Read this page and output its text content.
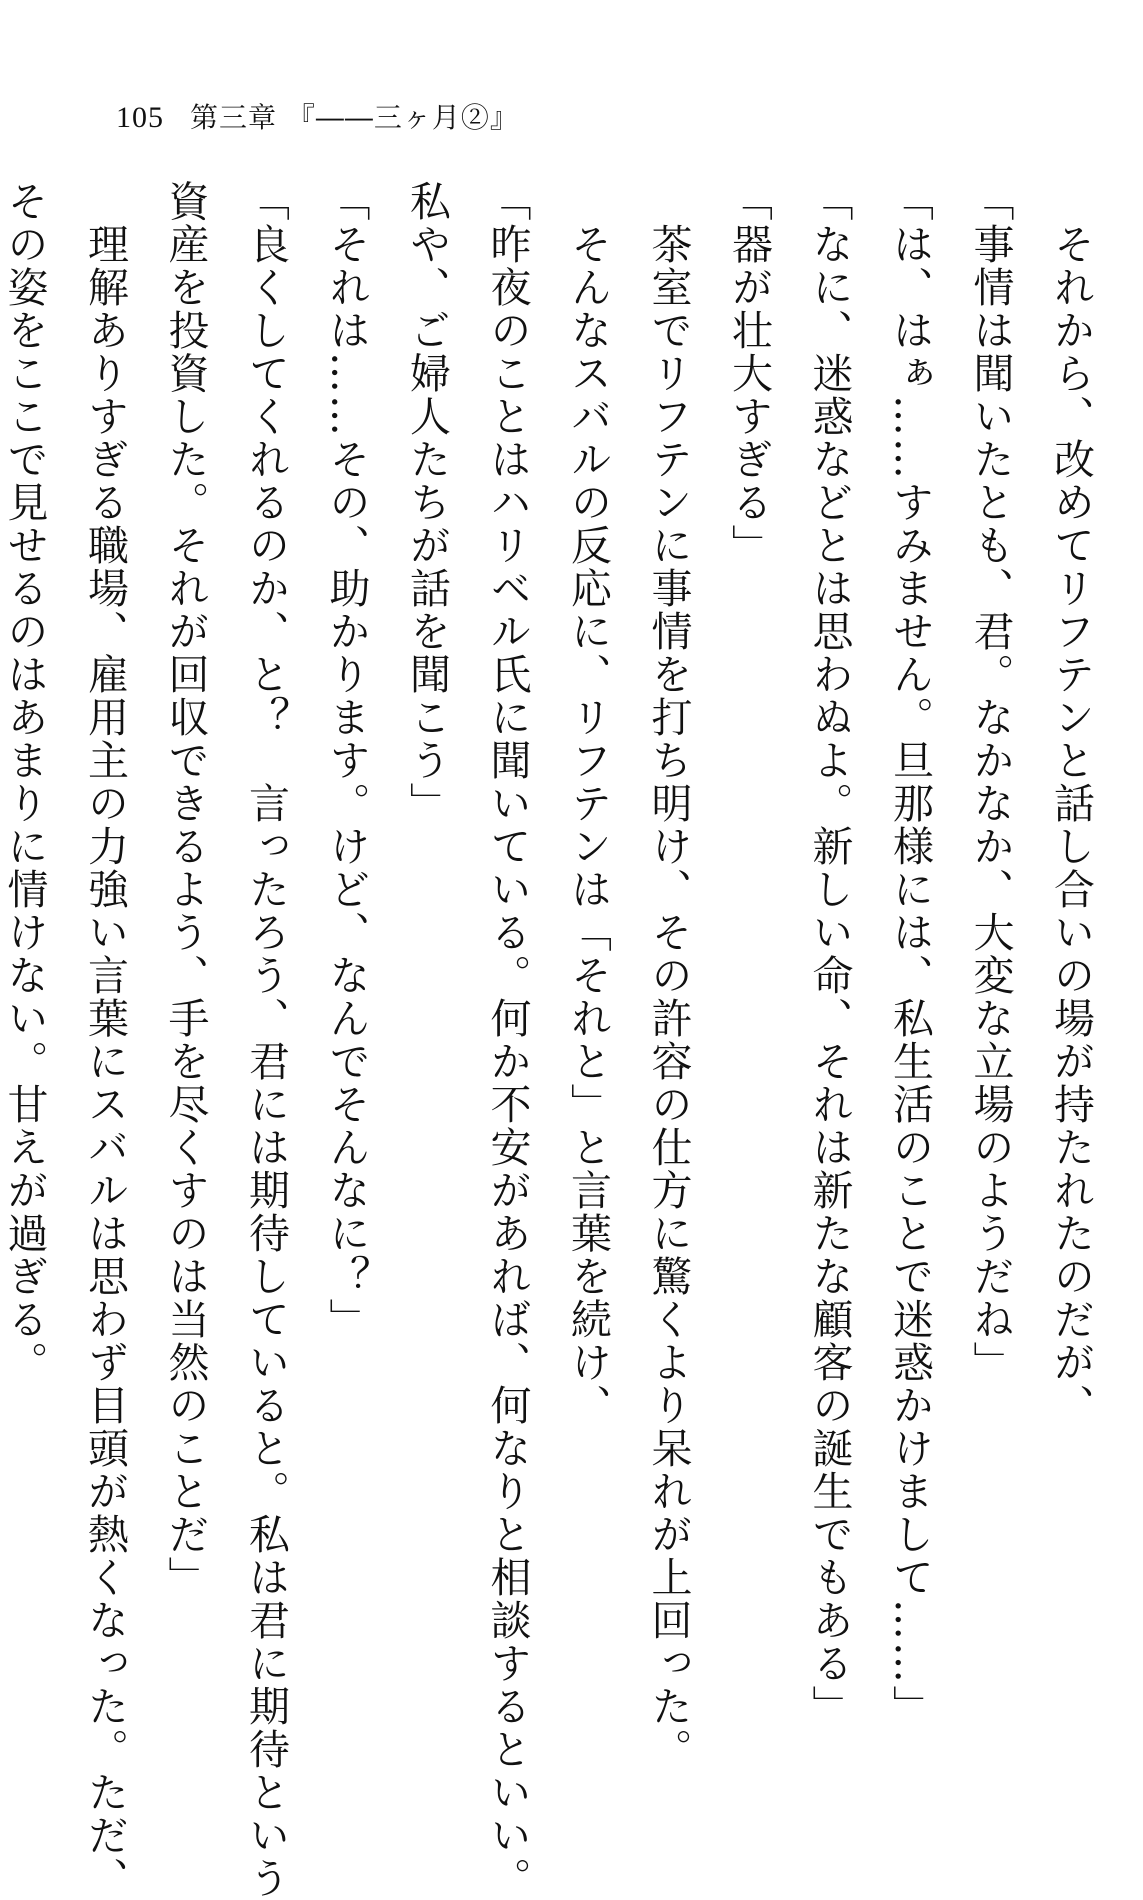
105 第三章 『――三ヶ月②』
それから、改めてリフテンと話し合いの場が持たれたのだが、
「事情は聞いたとも、君。なかなか、大変な立場のようだね」
「は、はぁ……すみません。旦那様には、私生活のことで迷惑かけまして……」
「なに、迷惑などとは思わぬよ。新しい命、それは新たな顧客の誕生でもある」
「器が壮大すぎる」
茶室でリフテンに事情を打ち明け、その許容の仕方に驚くより呆れが上回った。
そんなスバルの反応に、リフテンは「それと」と言葉を続け、
「昨夜のことはハリベル氏に聞いている。何か不安があれば、何なりと相談するといい。
私や、ご婦人たちが話を聞こう」
「それは……その、助かります。けど、なんでそんなに？」
「良くしてくれるのか、と？　言ったろう、君には期待していると。私は君に期待という
資産を投資した。それが回収できるよう、手を尽くすのは当然のことだ」
理解ありすぎる職場、雇用主の力強い言葉にスバルは思わず目頭が熱くなった。ただ、
その姿をここで見せるのはあまりに情けない。甘えが過ぎる。
